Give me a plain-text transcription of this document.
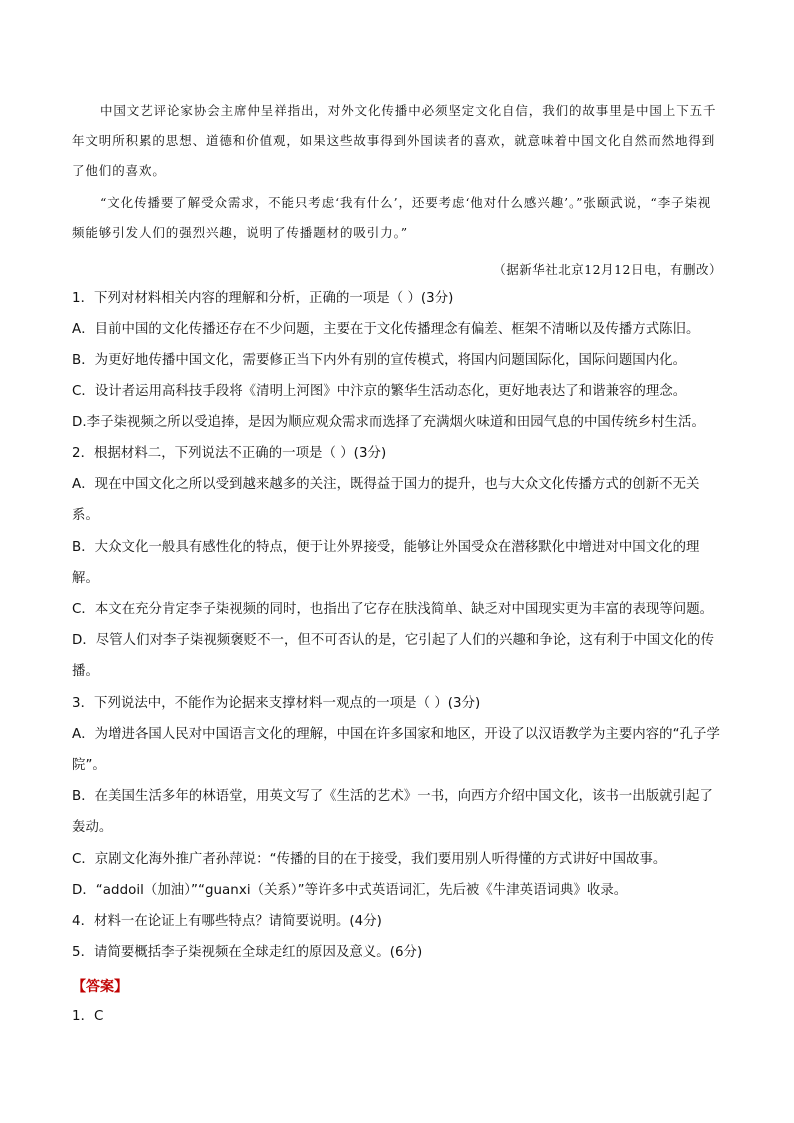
中国文艺评论家协会主席仲呈祥指出，对外文化传播中必须坚定文化自信，我们的故事里是中国上下五千年文明所积累的思想、道德和价值观，如果这些故事得到外国读者的喜欢，就意味着中国文化自然而然地得到了他们的喜欢。
“文化传播要了解受众需求，不能只考虑‘我有什么’，还要考虑‘他对什么感兴趣’。”张颐武说，“李子柒视频能够引发人们的强烈兴趣，说明了传播题材的吸引力。”
（据新华社北京12月12日电，有删改）
1．下列对材料相关内容的理解和分析，正确的一项是（ ）(3分)
A．目前中国的文化传播还存在不少问题，主要在于文化传播理念有偏差、框架不清晰以及传播方式陈旧。
B．为更好地传播中国文化，需要修正当下内外有别的宣传模式，将国内问题国际化，国际问题国内化。
C．设计者运用高科技手段将《清明上河图》中汴京的繁华生活动态化，更好地表达了和谐兼容的理念。
D.李子柒视频之所以受追捧，是因为顺应观众需求而选择了充满烟火味道和田园气息的中国传统乡村生活。
2．根据材料二，下列说法不正确的一项是（ ）(3分)
A．现在中国文化之所以受到越来越多的关注，既得益于国力的提升，也与大众文化传播方式的创新不无关系。
B．大众文化一般具有感性化的特点，便于让外界接受，能够让外国受众在潜移默化中增进对中国文化的理解。
C．本文在充分肯定李子柒视频的同时，也指出了它存在肤浅简单、缺乏对中国现实更为丰富的表现等问题。
D．尽管人们对李子柒视频褒贬不一，但不可否认的是，它引起了人们的兴趣和争论，这有利于中国文化的传播。
3．下列说法中，不能作为论据来支撑材料一观点的一项是（ ）(3分)
A．为增进各国人民对中国语言文化的理解，中国在许多国家和地区，开设了以汉语教学为主要内容的“孔子学院”。
B．在美国生活多年的林语堂，用英文写了《生活的艺术》一书，向西方介绍中国文化，该书一出版就引起了轰动。
C．京剧文化海外推广者孙萍说：“传播的目的在于接受，我们要用别人听得懂的方式讲好中国故事。
D．“addoil（加油）”“guanxi（关系）”等许多中式英语词汇，先后被《牛津英语词典》收录。
4．材料一在论证上有哪些特点？请简要说明。(4分)
5．请简要概括李子柒视频在全球走红的原因及意义。(6分)
【答案】
1．C
